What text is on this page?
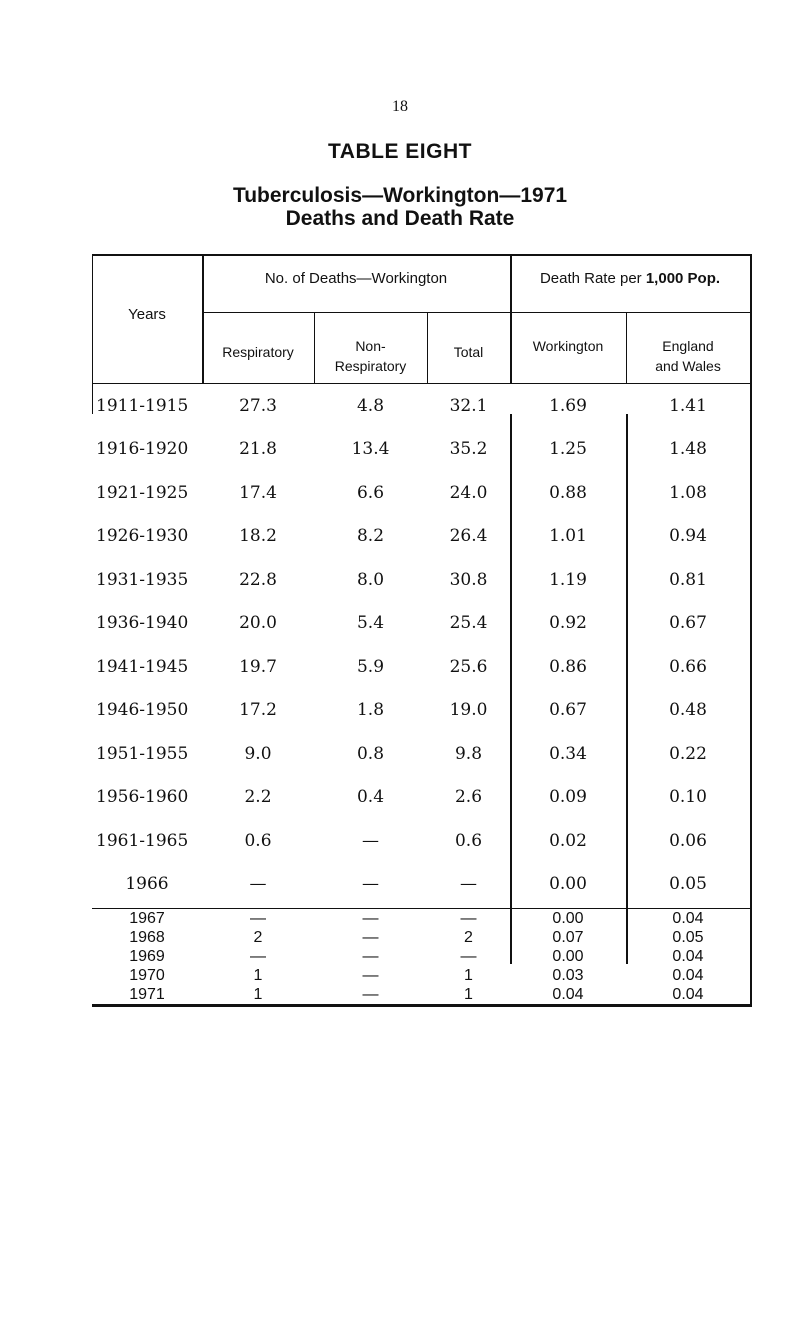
18
TABLE EIGHT
Tuberculosis—Workington—1971
Deaths and Death Rate
Years
No. of Deaths—Workington	Death Rate per 1,000 Pop.
Respiratory	Non-
Respiratory
Total	Workington	England
and Wales
1911-1915	27.3	4.8	32.1	1.69	1.41
1916-1920	21.8	13.4	35.2	1.25	1.48
1921-1925	17.4	6.6	24.0	0.88	1.08
1926-1930	18.2	8.2	26.4	1.01	0.94
1931-1935	22.8	8.0	30.8	1.19	0.81
1936-1940	20.0	5.4	25.4	0.92	0.67
1941-1945	19.7	5.9	25.6	0.86	0.66
1946-1950	17.2	1.8	19.0	0.67	0.48
1951-1955	9.0	0.8	9.8	0.34	0.22
1956-1960	2.2	0.4	2.6	0.09	0.10
1961-1965	0.6	—	0.6	0.02	0.06
1966	—	—	—	0.00	0.05
1967	—	—	—	0.00	0.04
1968	2	—	2	0.07	0.05
1969	—	—	—	0.00	0.04
1970	1	—	1	0.03	0.04
1971	1	—	1	0.04	0.04
